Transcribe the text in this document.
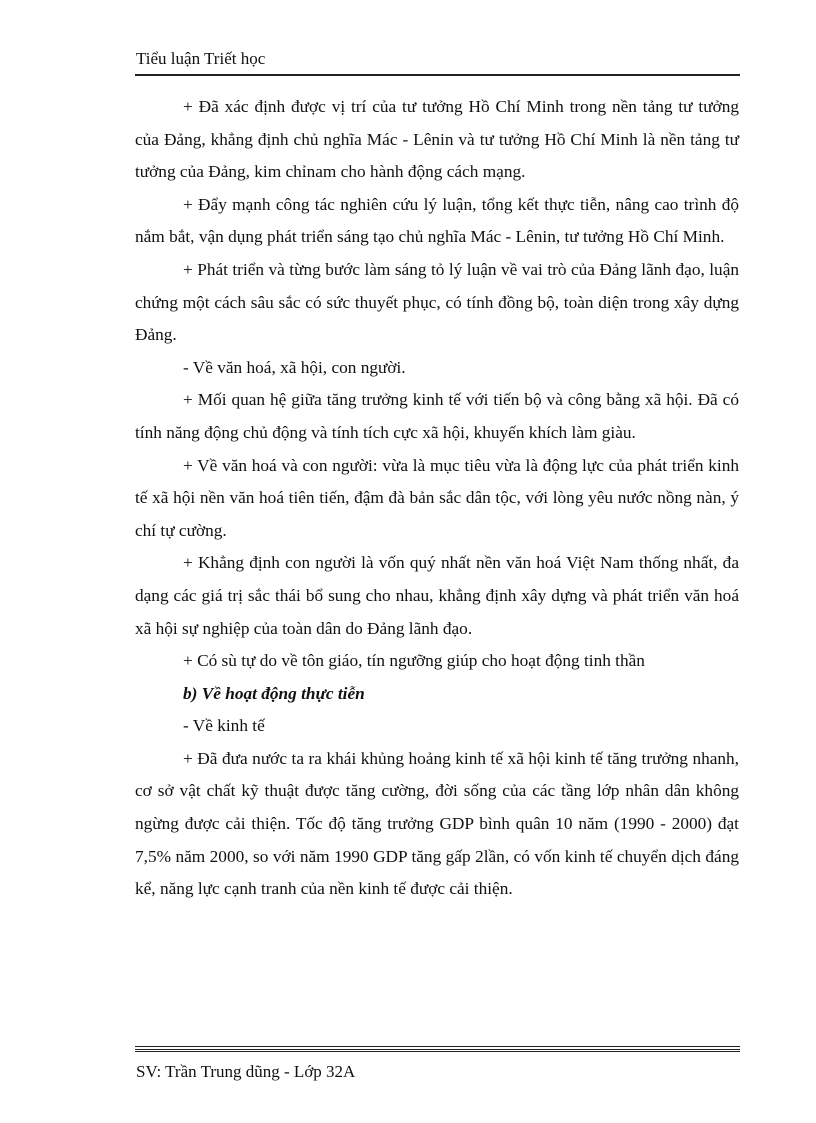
Tiểu luận Triết học

+ Đã xác định được vị trí của tư tưởng Hồ Chí Minh trong nền tảng tư tưởng của Đảng, khẳng định chủ nghĩa Mác - Lênin và tư tưởng Hồ Chí Minh là nền tảng tư tưởng của Đảng, kim chỉnam cho hành động cách mạng.

+ Đẩy mạnh công tác nghiên cứu lý luận, tổng kết thực tiễn, nâng cao trình độ nắm bắt, vận dụng phát triển sáng tạo chủ nghĩa Mác - Lênin, tư tưởng Hồ Chí Minh.

+ Phát triển và từng bước làm sáng tỏ lý luận về vai trò của Đảng lãnh đạo, luận chứng một cách sâu sắc có sức thuyết phục, có tính đồng bộ, toàn diện trong xây dựng Đảng.

- Về văn hoá, xã hội, con người.

+ Mối quan hệ giữa tăng trưởng kinh tế với tiến bộ và công bằng xã hội. Đã có tính năng động chủ động và tính tích cực xã hội, khuyến khích làm giàu.

+ Về văn hoá và con người: vừa là mục tiêu vừa là động lực của phát triển kinh tế xã hội nền văn hoá tiên tiến, đậm đà bản sắc dân tộc, với lòng yêu nước nồng nàn, ý chí tự cường.

+ Khẳng định con người là vốn quý nhất nền văn hoá Việt Nam thống nhất, đa dạng các giá trị sắc thái bổ sung cho nhau, khẳng định xây dựng và phát triển văn hoá xã hội sự nghiệp của toàn dân do Đảng lãnh đạo.

+ Có sù tự do về tôn giáo, tín ngưỡng giúp cho hoạt động tinh thần

b) Về hoạt động thực tiễn

- Về kinh tế

+ Đã đưa nước ta ra khái khủng hoảng kinh tế xã hội kinh tế tăng trưởng nhanh, cơ sở vật chất kỹ thuật được tăng cường, đời sống của các tầng lớp nhân dân không ngừng được cải thiện. Tốc độ tăng trưởng GDP bình quân 10 năm (1990 - 2000) đạt 7,5% năm 2000, so với năm 1990 GDP tăng gấp 2lần, có vốn kinh tế chuyển dịch đáng kể, năng lực cạnh tranh của nền kinh tế được cải thiện.

SV: Trần Trung dũng - Lớp 32A
